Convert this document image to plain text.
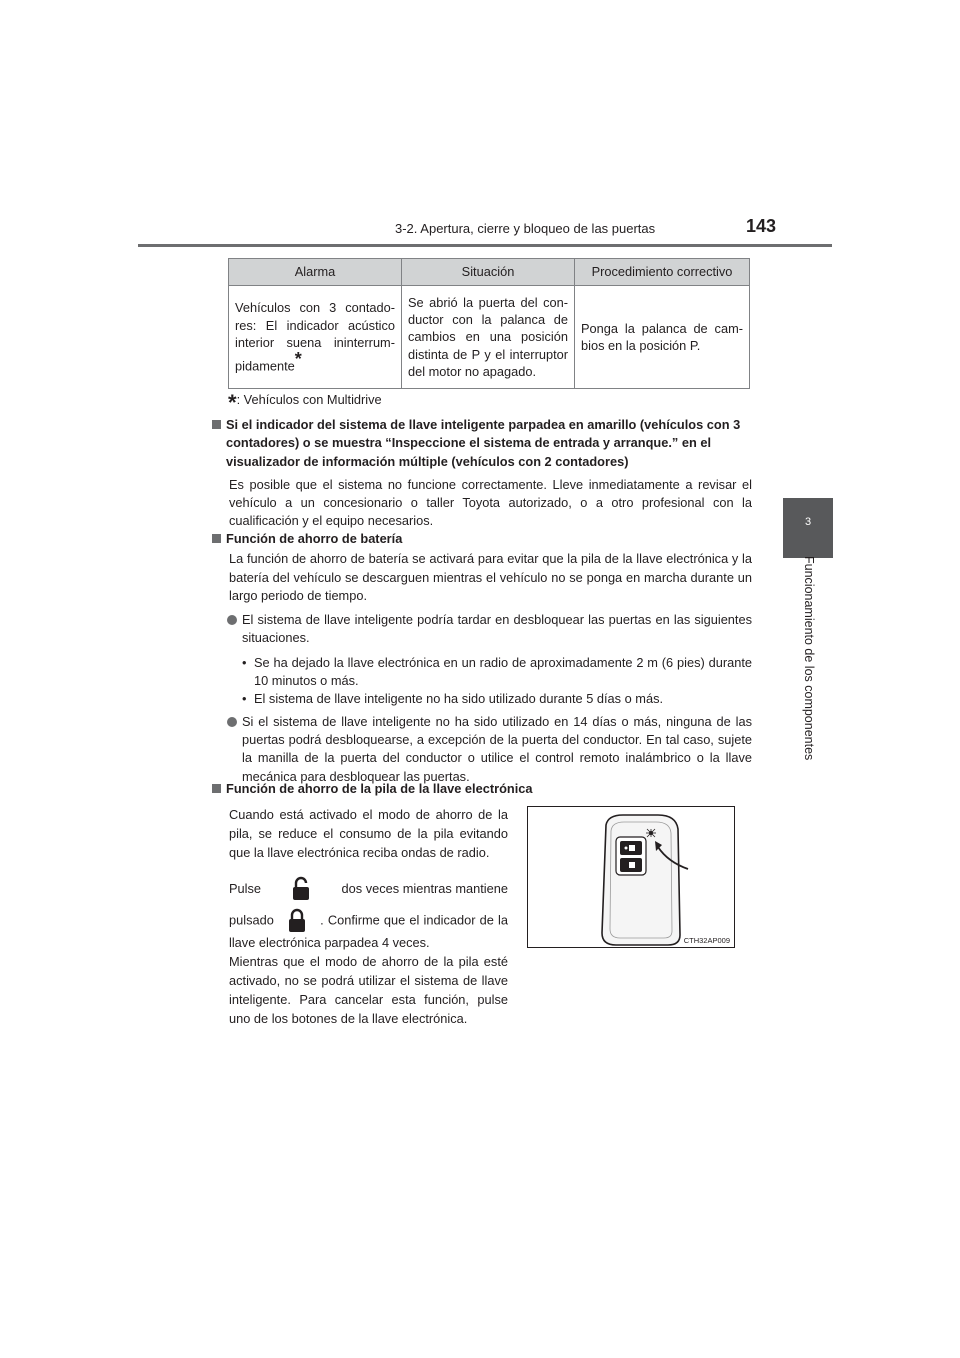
3-2. Apertura, cierre y bloqueo de las puertas	143
3
Funcionamiento de los componentes
Alarma	Situación	Procedimiento correctivo
Vehículos con 3 contadores: El indicador acústico interior suena ininterrumpidamente*	Se abrió la puerta del conductor con la palanca de cambios en una posición distinta de P y el interruptor del motor no apagado.	Ponga la palanca de cambios en la posición P.
*: Vehículos con Multidrive
Si el indicador del sistema de llave inteligente parpadea en amarillo (vehículos con 3 contadores) o se muestra “Inspeccione el sistema de entrada y arranque.” en el visualizador de información múltiple (vehículos con 2 contadores)
Es posible que el sistema no funcione correctamente. Lleve inmediatamente a revisar el vehículo a un concesionario o taller Toyota autorizado, o a otro profesional con la cualificación y el equipo necesarios.
Función de ahorro de batería
La función de ahorro de batería se activará para evitar que la pila de la llave electrónica y la batería del vehículo se descarguen mientras el vehículo no se ponga en marcha durante un largo periodo de tiempo.
El sistema de llave inteligente podría tardar en desbloquear las puertas en las siguientes situaciones.
• Se ha dejado la llave electrónica en un radio de aproximadamente 2 m (6 pies) durante 10 minutos o más.
• El sistema de llave inteligente no ha sido utilizado durante 5 días o más.
Si el sistema de llave inteligente no ha sido utilizado en 14 días o más, ninguna de las puertas podrá desbloquearse, a excepción de la puerta del conductor. En tal caso, sujete la manilla de la puerta del conductor o utilice el control remoto inalámbrico o la llave mecánica para desbloquear las puertas.
Función de ahorro de la pila de la llave electrónica
Cuando está activado el modo de ahorro de la pila, se reduce el consumo de la pila evitando que la llave electrónica reciba ondas de radio.
Pulse	dos veces mientras mantiene
pulsado	. Confirme que el indicador de la llave electrónica parpadea 4 veces.
Mientras que el modo de ahorro de la pila esté activado, no se podrá utilizar el sistema de llave inteligente. Para cancelar esta función, pulse uno de los botones de la llave electrónica.
CTH32AP009
